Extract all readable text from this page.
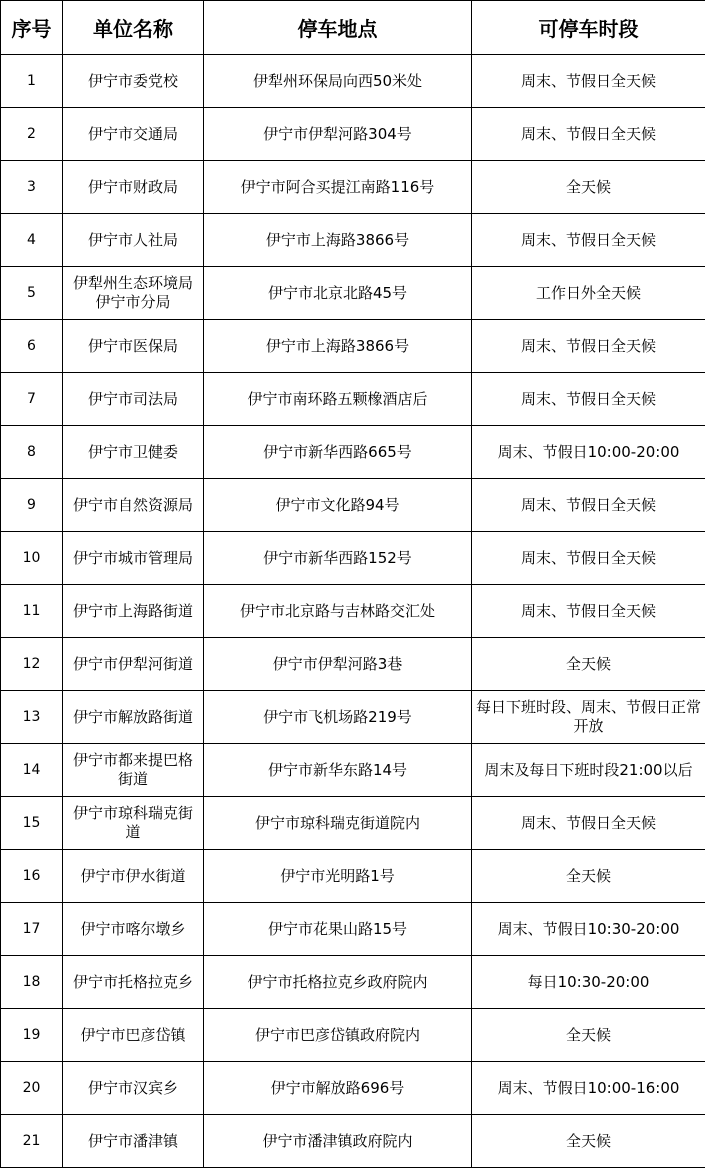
序号	单位名称	停车地点	可停车时段
1	伊宁市委党校	伊犁州环保局向西50米处	周末、节假日全天候
2	伊宁市交通局	伊宁市伊犁河路304号	周末、节假日全天候
3	伊宁市财政局	伊宁市阿合买提江南路116号	全天候
4	伊宁市人社局	伊宁市上海路3866号	周末、节假日全天候
5	伊犁州生态环境局伊宁市分局	伊宁市北京北路45号	工作日外全天候
6	伊宁市医保局	伊宁市上海路3866号	周末、节假日全天候
7	伊宁市司法局	伊宁市南环路五颗橡酒店后	周末、节假日全天候
8	伊宁市卫健委	伊宁市新华西路665号	周末、节假日10:00-20:00
9	伊宁市自然资源局	伊宁市文化路94号	周末、节假日全天候
10	伊宁市城市管理局	伊宁市新华西路152号	周末、节假日全天候
11	伊宁市上海路街道	伊宁市北京路与吉林路交汇处	周末、节假日全天候
12	伊宁市伊犁河街道	伊宁市伊犁河路3巷	全天候
13	伊宁市解放路街道	伊宁市飞机场路219号	每日下班时段、周末、节假日正常开放
14	伊宁市都来提巴格街道	伊宁市新华东路14号	周末及每日下班时段21:00以后
15	伊宁市琼科瑞克街道	伊宁市琼科瑞克街道院内	周末、节假日全天候
16	伊宁市伊水街道	伊宁市光明路1号	全天候
17	伊宁市喀尔墩乡	伊宁市花果山路15号	周末、节假日10:30-20:00
18	伊宁市托格拉克乡	伊宁市托格拉克乡政府院内	每日10:30-20:00
19	伊宁市巴彦岱镇	伊宁市巴彦岱镇政府院内	全天候
20	伊宁市汉宾乡	伊宁市解放路696号	周末、节假日10:00-16:00
21	伊宁市潘津镇	伊宁市潘津镇政府院内	全天候
